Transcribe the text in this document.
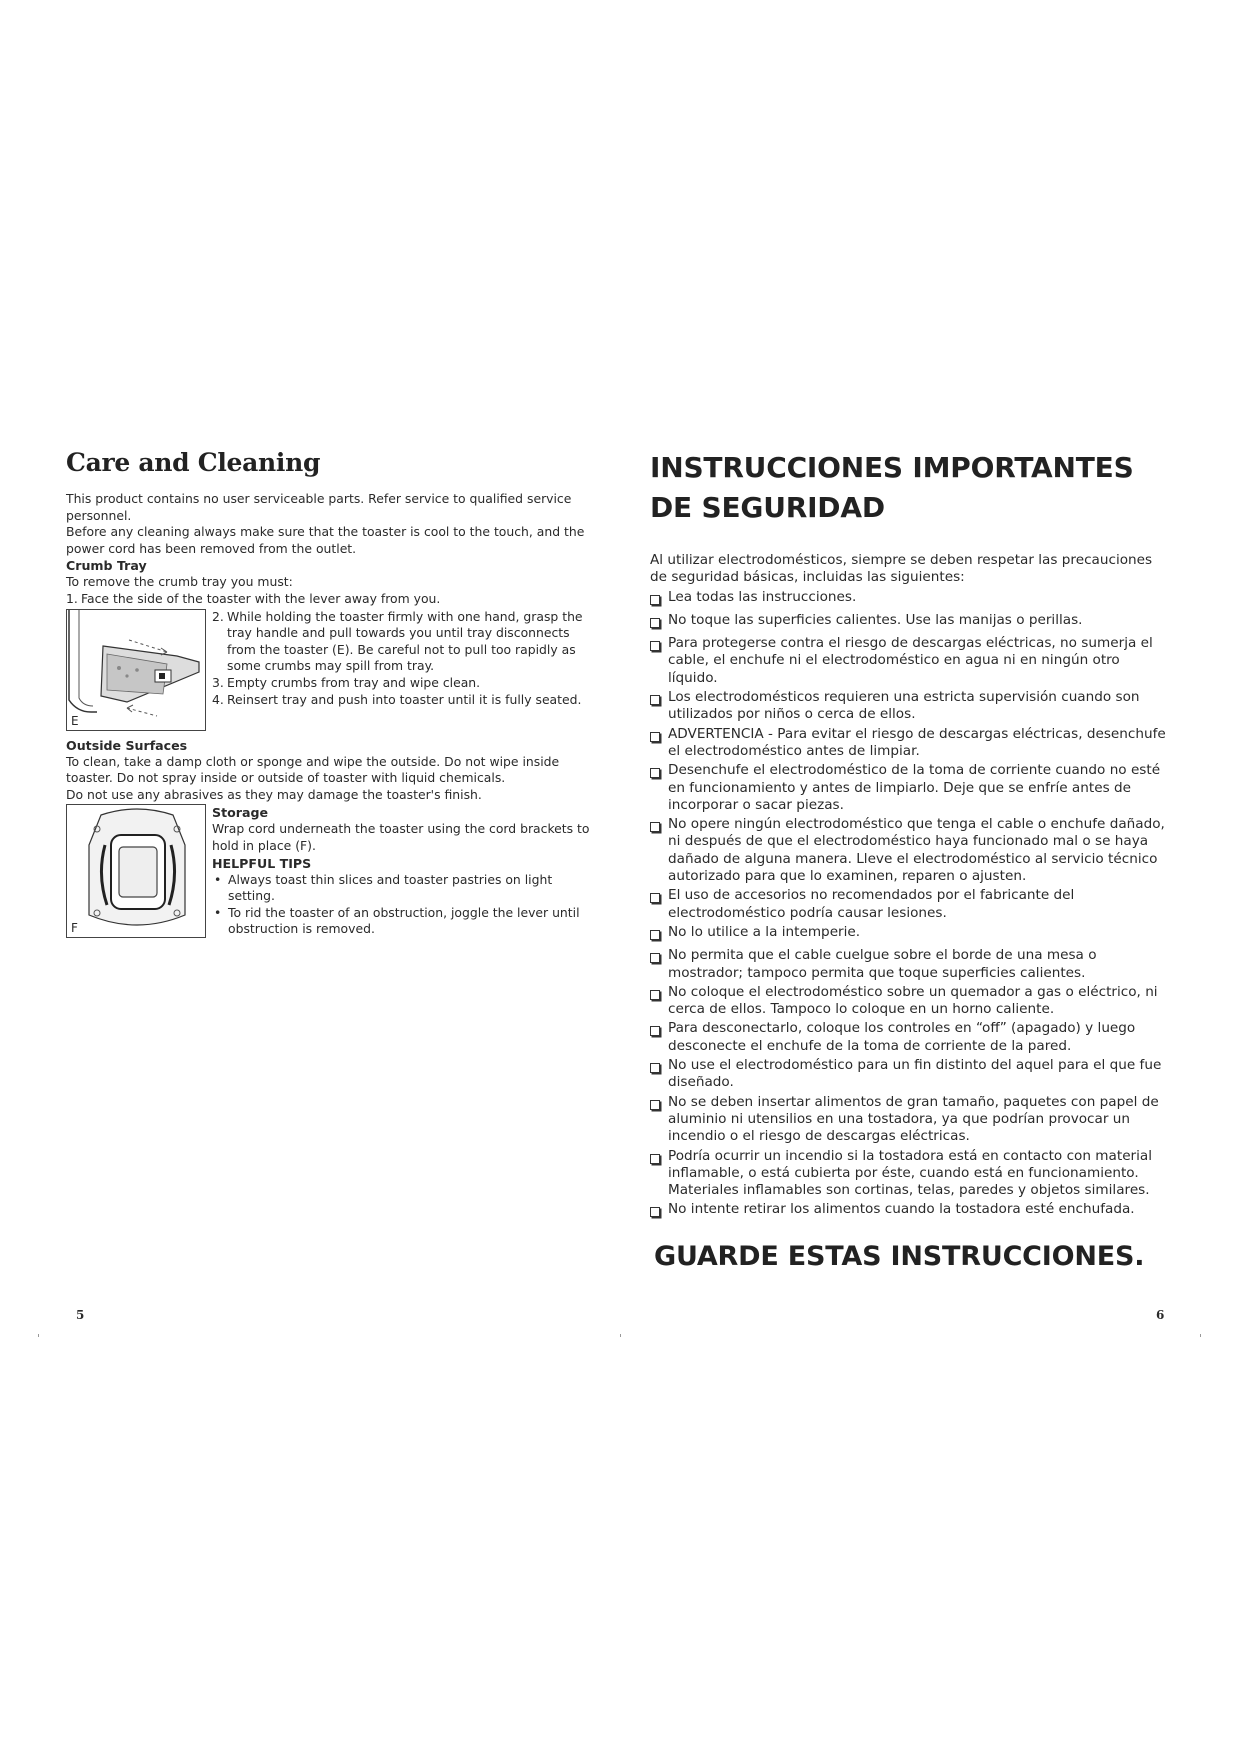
Care and Cleaning

This product contains no user serviceable parts. Refer service to qualified service personnel.

Before any cleaning always make sure that the toaster is cool to the touch, and the power cord has been removed from the outlet.

Crumb Tray

To remove the crumb tray you must:

1. Face the side of the toaster with the lever away from you.
E
2. While holding the toaster firmly with one hand, grasp the tray handle and pull towards you until tray disconnects from the toaster (E). Be careful not to pull too rapidly as some crumbs may spill from tray.
3. Empty crumbs from tray and wipe clean.
4. Reinsert tray and push into toaster until it is fully seated.

Outside Surfaces

To clean, take a damp cloth or sponge and wipe the outside. Do not wipe inside toaster. Do not spray inside or outside of toaster with liquid chemicals.

Do not use any abrasives as they may damage the toaster's finish.

F

Storage

Wrap cord underneath the toaster using the cord brackets to hold in place (F).

HELPFUL TIPS

• Always toast thin slices and toaster pastries on light setting.
• To rid the toaster of an obstruction, joggle the lever until obstruction is removed.
INSTRUCCIONES IMPORTANTES
DE SEGURIDAD

Al utilizar electrodomésticos, siempre se deben respetar las precauciones de seguridad básicas, incluidas las siguientes:

Lea todas las instrucciones.
No toque las superficies calientes. Use las manijas o perillas.
Para protegerse contra el riesgo de descargas eléctricas, no sumerja el cable, el enchufe ni el electrodoméstico en agua ni en ningún otro líquido.
Los electrodomésticos requieren una estricta supervisión cuando son utilizados por niños o cerca de ellos.
ADVERTENCIA - Para evitar el riesgo de descargas eléctricas, desenchufe el electrodoméstico antes de limpiar.
Desenchufe el electrodoméstico de la toma de corriente cuando no esté en funcionamiento y antes de limpiarlo. Deje que se enfríe antes de incorporar o sacar piezas.
No opere ningún electrodoméstico que tenga el cable o enchufe dañado, ni después de que el electrodoméstico haya funcionado mal o se haya dañado de alguna manera. Lleve el electrodoméstico al servicio técnico autorizado para que lo examinen, reparen o ajusten.
El uso de accesorios no recomendados por el fabricante del electrodoméstico podría causar lesiones.
No lo utilice a la intemperie.
No permita que el cable cuelgue sobre el borde de una mesa o mostrador; tampoco permita que toque superficies calientes.
No coloque el electrodoméstico sobre un quemador a gas o eléctrico, ni cerca de ellos. Tampoco lo coloque en un horno caliente.
Para desconectarlo, coloque los controles en “off” (apagado) y luego desconecte el enchufe de la toma de corriente de la pared.
No use el electrodoméstico para un fin distinto del aquel para el que fue diseñado.
No se deben insertar alimentos de gran tamaño, paquetes con papel de aluminio ni utensilios en una tostadora, ya que podrían provocar un incendio o el riesgo de descargas eléctricas.
Podría ocurrir un incendio si la tostadora está en contacto con material inflamable, o está cubierta por éste, cuando está en funcionamiento. Materiales inflamables son cortinas, telas, paredes y objetos similares.
No intente retirar los alimentos cuando la tostadora esté enchufada.
GUARDE ESTAS INSTRUCCIONES.
5	6
